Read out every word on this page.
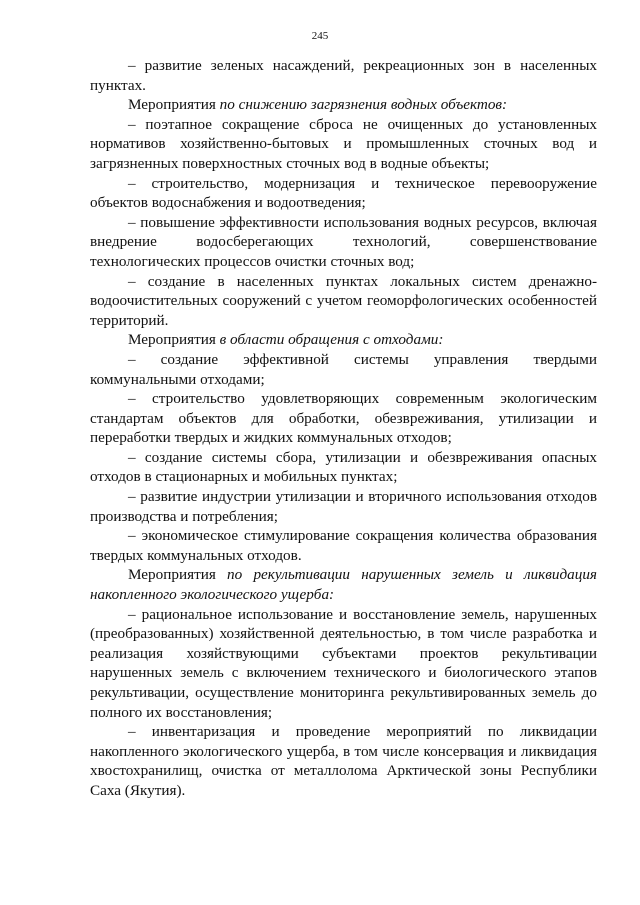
245

– развитие зеленых насаждений, рекреационных зон в населенных пунктах.

Мероприятия по снижению загрязнения водных объектов:

– поэтапное сокращение сброса не очищенных до установленных нормативов хозяйственно-бытовых и промышленных сточных вод и загрязненных поверхностных сточных вод в водные объекты;

– строительство, модернизация и техническое перевооружение объектов водоснабжения и водоотведения;

– повышение эффективности использования водных ресурсов, включая внедрение водосберегающих технологий, совершенствование технологических процессов очистки сточных вод;

– создание в населенных пунктах локальных систем дренажно-водоочистительных сооружений с учетом геоморфологических особенностей территорий.

Мероприятия в области обращения с отходами:

– создание эффективной системы управления твердыми коммунальными отходами;

– строительство удовлетворяющих современным экологическим стандартам объектов для обработки, обезвреживания, утилизации и переработки твердых и жидких коммунальных отходов;

– создание системы сбора, утилизации и обезвреживания опасных отходов в стационарных и мобильных пунктах;

– развитие индустрии утилизации и вторичного использования отходов производства и потребления;

– экономическое стимулирование сокращения количества образования твердых коммунальных отходов.

Мероприятия по рекультивации нарушенных земель и ликвидация накопленного экологического ущерба:

– рациональное использование и восстановление земель, нарушенных (преобразованных) хозяйственной деятельностью, в том числе разработка и реализация хозяйствующими субъектами проектов рекультивации нарушенных земель с включением технического и биологического этапов рекультивации, осуществление мониторинга рекультивированных земель до полного их восстановления;

– инвентаризация и проведение мероприятий по ликвидации накопленного экологического ущерба, в том числе консервация и ликвидация хвостохранилищ, очистка от металлолома Арктической зоны Республики Саха (Якутия).
